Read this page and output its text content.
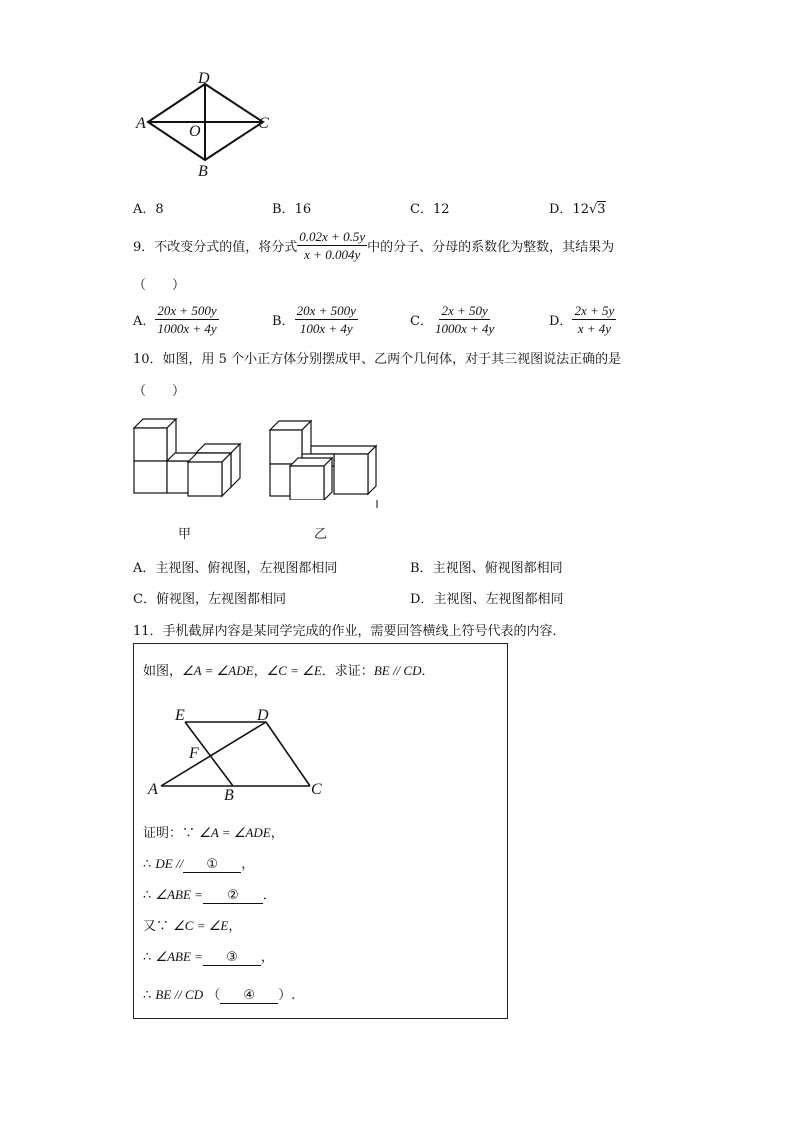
D
A	C
O
B
A．8	B．16	C．12	D．12√3
9．不改变分式的值，将分式 $\frac{0.02x + 0.5y}{x + 0.004y}$ 中的分子、分母的系数化为整数，其结果为
（　　）
A． $\frac{20x + 500y}{1000x + 4y}$	B． $\frac{20x + 500y}{100x + 4y}$	C． $\frac{2x + 50y}{1000x + 4y}$	D． $\frac{2x + 5y}{x + 4y}$
10．如图，用 5 个小正方体分别摆成甲、乙两个几何体，对于其三视图说法正确的是
（　　）
甲	乙
A．主视图、俯视图，左视图都相同	B．主视图、俯视图都相同
C．俯视图，左视图都相同	D．主视图、左视图都相同
11．手机截屏内容是某同学完成的作业，需要回答横线上符号代表的内容．
如图，∠A = ∠ADE，∠C = ∠E．求证：BE // CD．
E	D
F
A	B	C
证明：∵ ∠A = ∠ADE，
∴ DE // ① ，
∴ ∠ABE = ② ．
又∵ ∠C = ∠E，
∴ ∠ABE = ③ ，
∴ BE // CD （ ④ ）.
